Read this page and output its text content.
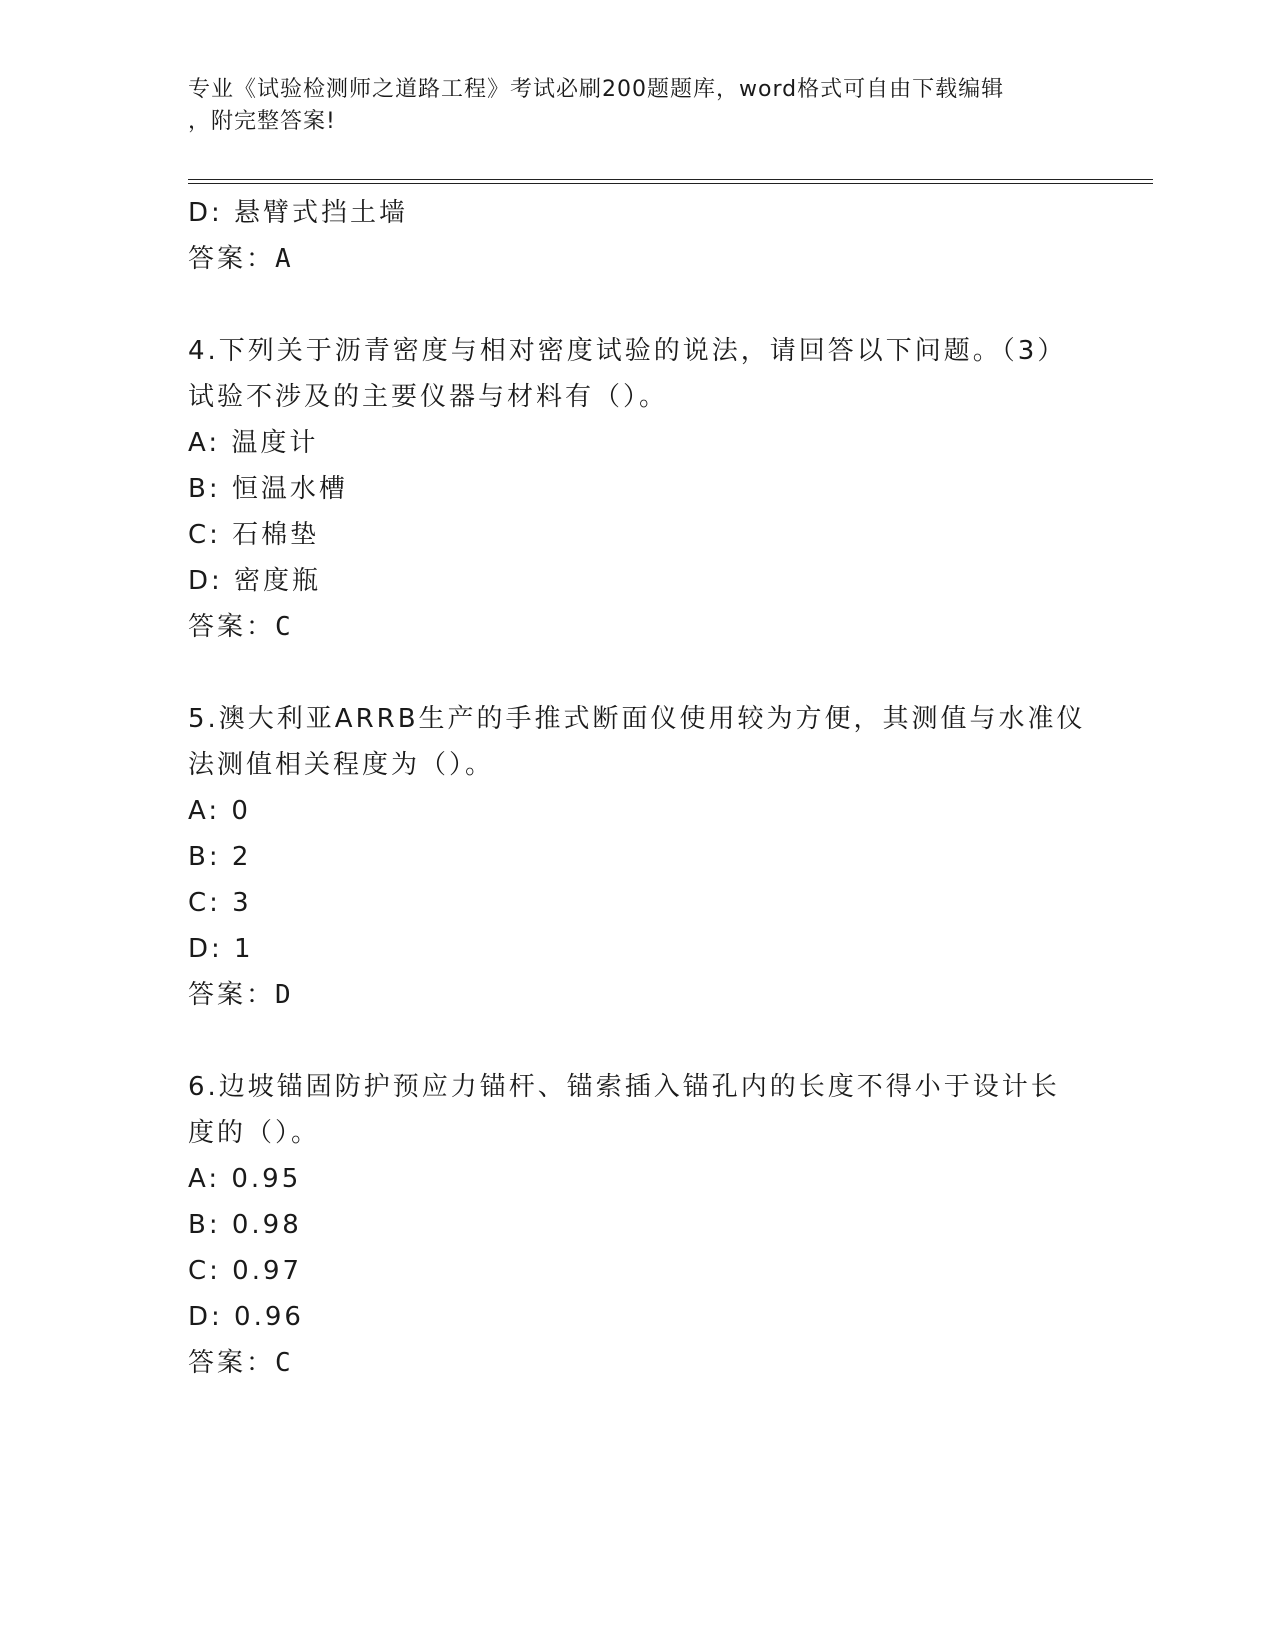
专业《试验检测师之道路工程》考试必刷200题题库，word格式可自由下载编辑
，附完整答案!
D: 悬臂式挡土墙
答案：A
4.下列关于沥青密度与相对密度试验的说法，请回答以下问题。（3）
试验不涉及的主要仪器与材料有（）。
A: 温度计
B: 恒温水槽
C: 石棉垫
D: 密度瓶
答案：C
5.澳大利亚ARRB生产的手推式断面仪使用较为方便，其测值与水准仪
法测值相关程度为（）。
A: 0
B: 2
C: 3
D: 1
答案：D
6.边坡锚固防护预应力锚杆、锚索插入锚孔内的长度不得小于设计长
度的（）。
A: 0.95
B: 0.98
C: 0.97
D: 0.96
答案：C
